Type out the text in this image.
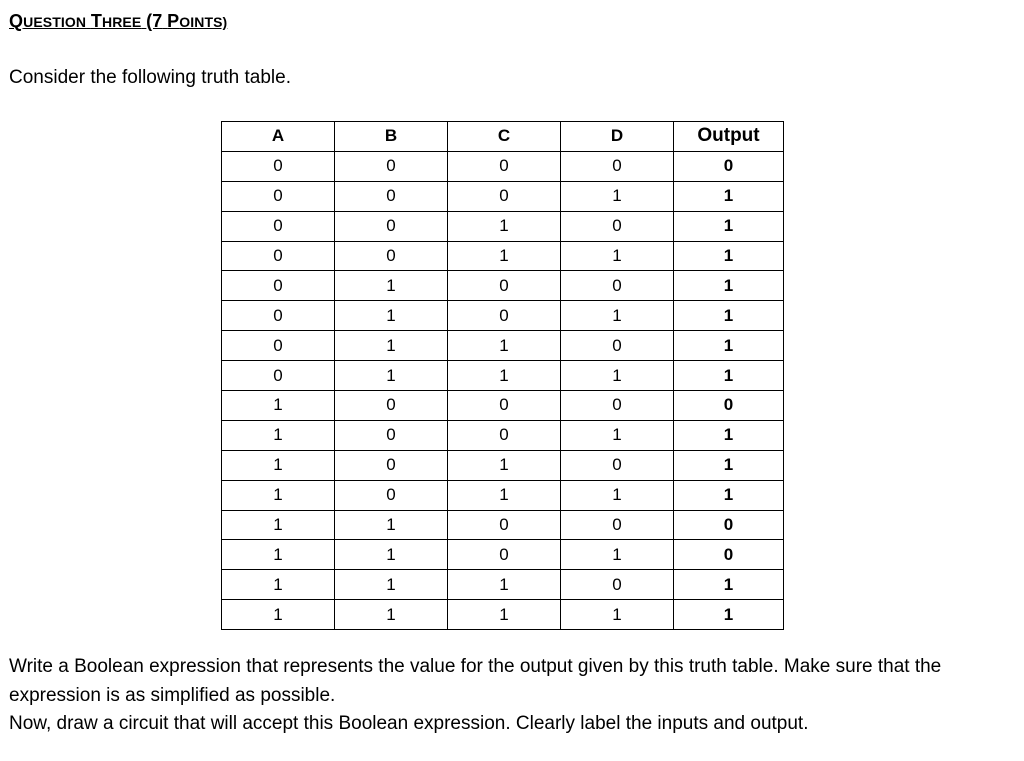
QUESTION THREE (7 POINTS)
Consider the following truth table.
A	B	C	D	Output
0	0	0	0	0
0	0	0	1	1
0	0	1	0	1
0	0	1	1	1
0	1	0	0	1
0	1	0	1	1
0	1	1	0	1
0	1	1	1	1
1	0	0	0	0
1	0	0	1	1
1	0	1	0	1
1	0	1	1	1
1	1	0	0	0
1	1	0	1	0
1	1	1	0	1
1	1	1	1	1

Write a Boolean expression that represents the value for the output given by this truth table. Make sure that the expression is as simplified as possible.

Now, draw a circuit that will accept this Boolean expression. Clearly label the inputs and output.
